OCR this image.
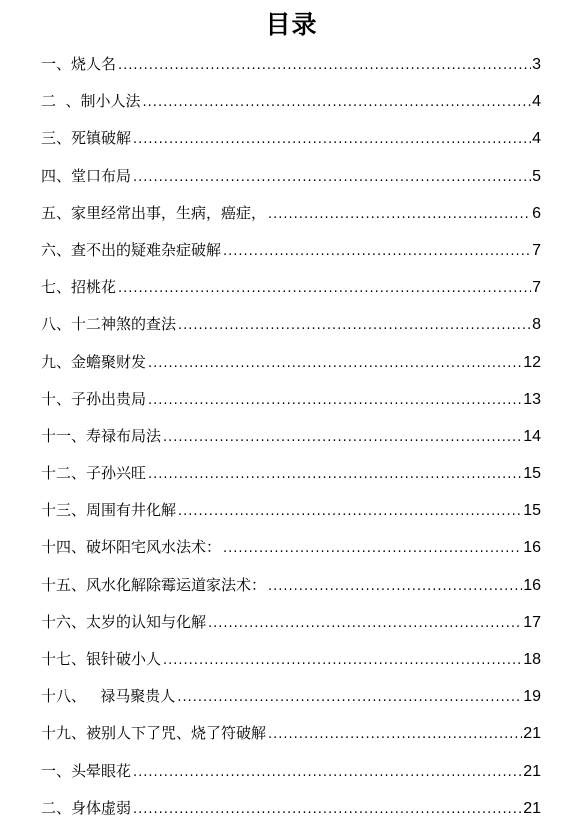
目录
一、烧人名 .....	3
二  、制小人法 .....	4
三、死镇破解 .....	4
四、堂口布局 .....	5
五、家里经常出事，生病，癌症， .....	6
六、查不出的疑难杂症破解 .....	7
七、招桃花 .....	7
八、十二神煞的查法 .....	8
九、金蟾聚财发 .....	12
十、子孙出贵局 .....	13
十一、寿禄布局法 .....	14
十二、子孙兴旺 .....	15
十三、周围有井化解 .....	15
十四、破坏阳宅风水法术： .....	16
十五、风水化解除霉运道家法术： .....	16
十六、太岁的认知与化解 .....	17
十七、银针破小人 .....	18
十八、   禄马聚贵人 .....	19
十九、被别人下了咒、烧了符破解 .....	21
一、头晕眼花 .....	21
二、身体虚弱 .....	21
